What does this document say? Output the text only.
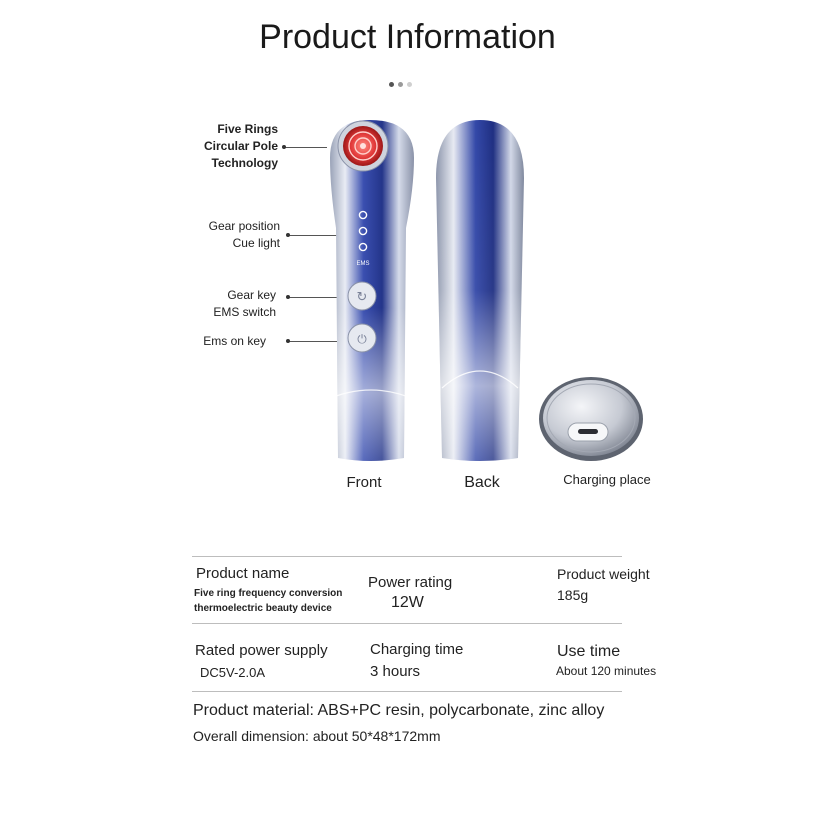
Product Information
Five Rings
Circular Pole
Technology
Gear position
Cue light
Gear key
EMS switch
Ems on key
EMS
↻
⏻
Front	Back	Charging place
Product name
Five ring frequency conversion
thermoelectric beauty device
Power rating
12W
Product weight
185g
Rated power supply
DC5V-2.0A
Charging time
3 hours
Use time
About 120 minutes
Product material: ABS+PC resin, polycarbonate, zinc alloy
Overall dimension: about 50*48*172mm
